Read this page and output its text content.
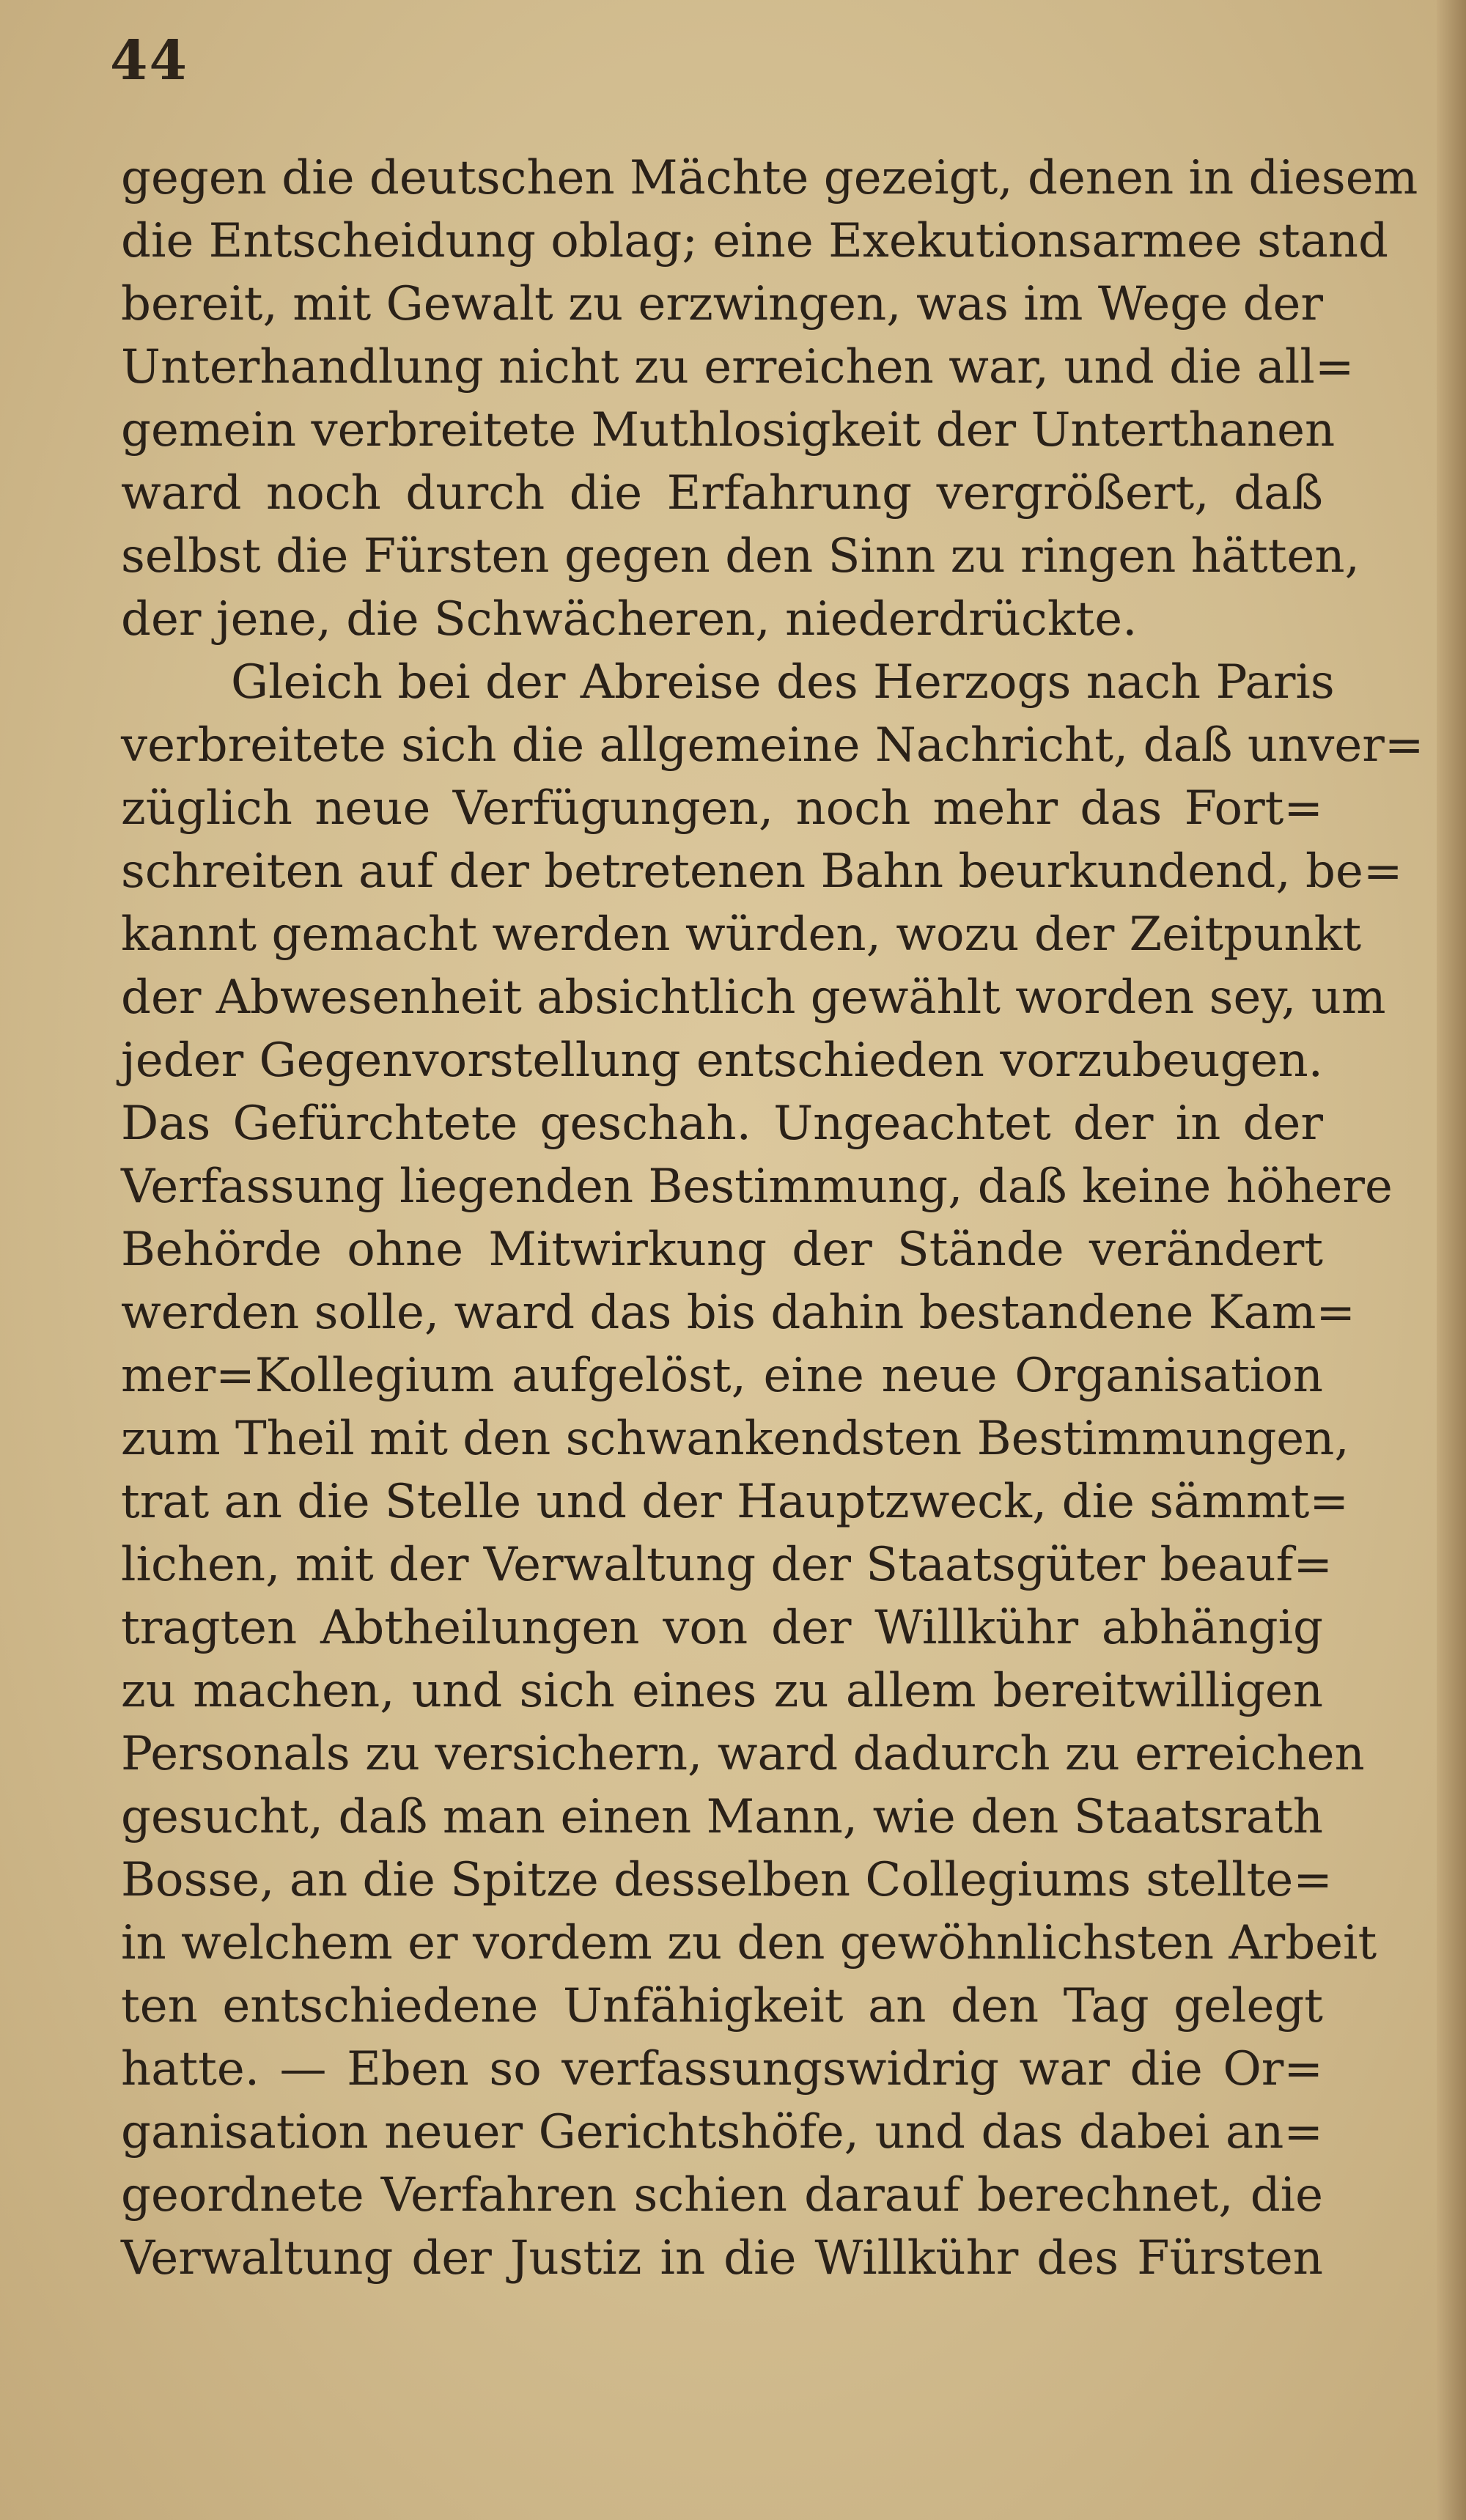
44
gegen die deutschen Mächte gezeigt, denen in diesem
die Entscheidung oblag; eine Exekutionsarmee stand
bereit, mit Gewalt zu erzwingen, was im Wege der
Unterhandlung nicht zu erreichen war, und die all=
gemein verbreitete Muthlosigkeit der Unterthanen
ward noch durch die Erfahrung vergrößert, daß
selbst die Fürsten gegen den Sinn zu ringen hätten,
der jene, die Schwächeren, niederdrückte.
Gleich bei der Abreise des Herzogs nach Paris
verbreitete sich die allgemeine Nachricht, daß unver=
züglich neue Verfügungen, noch mehr das Fort=
schreiten auf der betretenen Bahn beurkundend, be=
kannt gemacht werden würden, wozu der Zeitpunkt
der Abwesenheit absichtlich gewählt worden sey, um
jeder Gegenvorstellung entschieden vorzubeugen.
Das Gefürchtete geschah. Ungeachtet der in der
Verfassung liegenden Bestimmung, daß keine höhere
Behörde ohne Mitwirkung der Stände verändert
werden solle, ward das bis dahin bestandene Kam=
mer=Kollegium aufgelöst, eine neue Organisation
zum Theil mit den schwankendsten Bestimmungen,
trat an die Stelle und der Hauptzweck, die sämmt=
lichen, mit der Verwaltung der Staatsgüter beauf=
tragten Abtheilungen von der Willkühr abhängig
zu machen, und sich eines zu allem bereitwilligen
Personals zu versichern, ward dadurch zu erreichen
gesucht, daß man einen Mann, wie den Staatsrath
Bosse, an die Spitze desselben Collegiums stellte=
in welchem er vordem zu den gewöhnlichsten Arbeit
ten entschiedene Unfähigkeit an den Tag gelegt
hatte. — Eben so verfassungswidrig war die Or=
ganisation neuer Gerichtshöfe, und das dabei an=
geordnete Verfahren schien darauf berechnet, die
Verwaltung der Justiz in die Willkühr des Fürsten
